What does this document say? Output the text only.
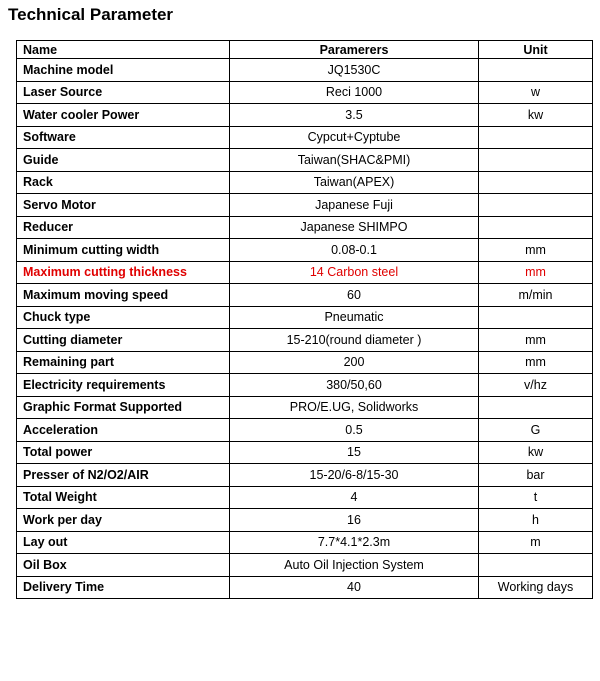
Technical Parameter
Name	Paramerers	Unit
Machine model	JQ1530C	
Laser Source	Reci 1000	w
Water cooler Power	3.5	kw
Software	Cypcut+Cyptube	
Guide	Taiwan(SHAC&PMI)	
Rack	Taiwan(APEX)	
Servo Motor	Japanese Fuji	
Reducer	Japanese SHIMPO	
Minimum cutting width	0.08-0.1	mm
Maximum cutting thickness	14 Carbon steel	mm
Maximum moving speed	60	m/min
Chuck type	Pneumatic	
Cutting diameter	15-210(round diameter )	mm
Remaining part	200	mm
Electricity requirements	380/50,60	v/hz
Graphic Format Supported	PRO/E.UG, Solidworks	
Acceleration	0.5	G
Total power	15	kw
Presser of N2/O2/AIR	15-20/6-8/15-30	bar
Total Weight	4	t
Work per day	16	h
Lay out	7.7*4.1*2.3m	m
Oil Box	Auto Oil Injection System	
Delivery Time	40	Working days
